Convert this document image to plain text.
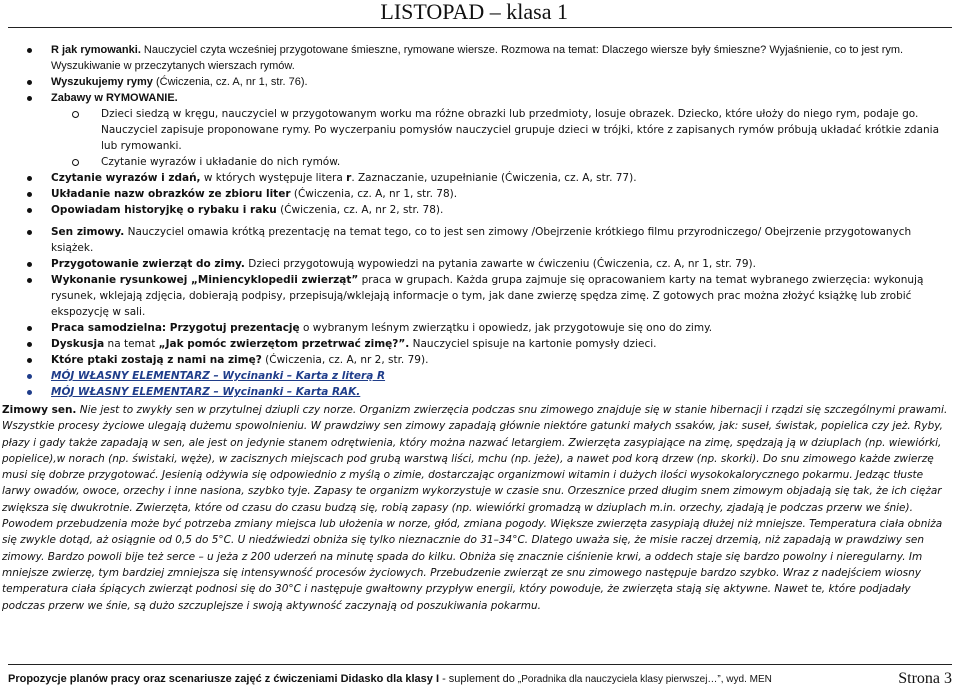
LISTOPAD – klasa 1
R jak rymowanki. Nauczyciel czyta wcześniej przygotowane śmieszne, rymowane wiersze. Rozmowa na temat: Dlaczego wiersze były śmieszne? Wyjaśnienie, co to jest rym. Wyszukiwanie w przeczytanych wierszach rymów.
Wyszukujemy rymy (Ćwiczenia, cz. A, nr 1, str. 76).
Zabawy w RYMOWANIE.
Dzieci siedzą w kręgu, nauczyciel w przygotowanym worku ma różne obrazki lub przedmioty, losuje obrazek. Dziecko, które ułoży do niego rym, podaje go. Nauczyciel zapisuje proponowane rymy. Po wyczerpaniu pomysłów nauczyciel grupuje dzieci w trójki, które z zapisanych rymów próbują układać krótkie zdania lub rymowanki.
Czytanie wyrazów i układanie do nich rymów.
Czytanie wyrazów i zdań, w których występuje litera r. Zaznaczanie, uzupełnianie (Ćwiczenia, cz. A, str. 77).
Układanie nazw obrazków ze zbioru liter (Ćwiczenia, cz. A, nr 1, str. 78).
Opowiadam historyjkę o rybaku i raku (Ćwiczenia, cz. A, nr 2, str. 78).
Sen zimowy. Nauczyciel omawia krótką prezentację na temat tego, co to jest sen zimowy /Obejrzenie krótkiego filmu przyrodniczego/ Obejrzenie przygotowanych książek.
Przygotowanie zwierząt do zimy. Dzieci przygotowują wypowiedzi na pytania zawarte w ćwiczeniu (Ćwiczenia, cz. A, nr 1, str. 79).
Wykonanie rysunkowej „Miniencyklopedii zwierząt” praca w grupach. Każda grupa zajmuje się opracowaniem karty na temat wybranego zwierzęcia: wykonują rysunek, wklejają zdjęcia, dobierają podpisy, przepisują/wklejają informacje o tym, jak dane zwierzę spędza zimę. Z gotowych prac można złożyć książkę lub zrobić ekspozycję w sali.
Praca samodzielna: Przygotuj prezentację o wybranym leśnym zwierzątku i opowiedz, jak przygotowuje się ono do zimy.
Dyskusja na temat „Jak pomóc zwierzętom przetrwać zimę?”. Nauczyciel spisuje na kartonie pomysły dzieci.
Które ptaki zostają z nami na zimę? (Ćwiczenia, cz. A, nr 2, str. 79).
MÓJ WŁASNY ELEMENTARZ – Wycinanki – Karta z literą R
MÓJ WŁASNY ELEMENTARZ – Wycinanki – Karta RAK.
Zimowy sen. Nie jest to zwykły sen w przytulnej dziupli czy norze. Organizm zwierzęcia podczas snu zimowego znajduje się w stanie hibernacji i rządzi się szczególnymi prawami. Wszystkie procesy życiowe ulegają dużemu spowolnieniu. W prawdziwy sen zimowy zapadają głównie niektóre gatunki małych ssaków, jak: suseł, świstak, popielica czy jeż. Ryby, płazy i gady także zapadają w sen, ale jest on jedynie stanem odrętwienia, który można nazwać letargiem. Zwierzęta zasypiające na zimę, spędzają ją w dziuplach (np. wiewiórki, popielice),w norach (np. świstaki, węże), w zacisznych miejscach pod grubą warstwą liści, mchu (np. jeże), a nawet pod korą drzew (np. skorki). Do snu zimowego każde zwierzę musi się dobrze przygotować. Jesienią odżywia się odpowiednio z myślą o zimie, dostarczając organizmowi witamin i dużych ilości wysokokalorycznego pokarmu. Jedząc tłuste larwy owadów, owoce, orzechy i inne nasiona, szybko tyje. Zapasy te organizm wykorzystuje w czasie snu. Orzesznice przed długim snem zimowym objadają się tak, że ich ciężar zwiększa się dwukrotnie. Zwierzęta, które od czasu do czasu budzą się, robią zapasy (np. wiewiórki gromadzą w dziuplach m.in. orzechy, zjadają je podczas przerw we śnie). Powodem przebudzenia może być potrzeba zmiany miejsca lub ułożenia w norze, głód, zmiana pogody. Większe zwierzęta zasypiają dłużej niż mniejsze. Temperatura ciała obniża się zwykle dotąd, aż osiągnie od 0,5 do 5°C. U niedźwiedzi obniża się tylko nieznacznie do 31–34°C. Dlatego uważa się, że misie raczej drzemią, niż zapadają w prawdziwy sen zimowy. Bardzo powoli bije też serce – u jeża z 200 uderzeń na minutę spada do kilku. Obniża się znacznie ciśnienie krwi, a oddech staje się bardzo powolny i nieregularny. Im mniejsze zwierzę, tym bardziej zmniejsza się intensywność procesów życiowych. Przebudzenie zwierząt ze snu zimowego następuje bardzo szybko. Wraz z nadejściem wiosny temperatura ciała śpiących zwierząt podnosi się do 30°C i następuje gwałtowny przypływ energii, który powoduje, że zwierzęta stają się aktywne. Nawet te, które podjadały podczas przerw we śnie, są dużo szczuplejsze i swoją aktywność zaczynają od poszukiwania pokarmu.
Propozycje planów pracy oraz scenariusze zajęć z ćwiczeniami Didasko dla klasy I - suplement do „Poradnika dla nauczyciela klasy pierwszej…”, wyd. MEN	Strona 3
